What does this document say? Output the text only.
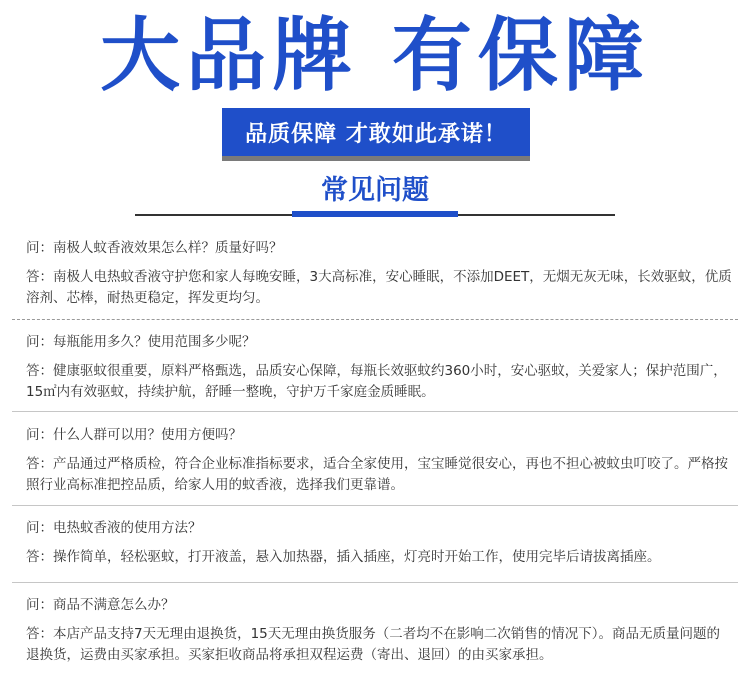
大品牌 有保障
品质保障 才敢如此承诺！
常见问题
问：南极人蚊香液效果怎么样？质量好吗？
答：南极人电热蚊香液守护您和家人每晚安睡，3大高标准，安心睡眠，不添加DEET，无烟无灰无味，长效驱蚊，优质溶剂、芯棒，耐热更稳定，挥发更均匀。
问：每瓶能用多久？使用范围多少呢？
答：健康驱蚊很重要，原料严格甄选，品质安心保障，每瓶长效驱蚊约360小时，安心驱蚊，关爱家人；保护范围广，15㎡内有效驱蚊，持续护航，舒睡一整晚，守护万千家庭金质睡眠。
问：什么人群可以用？使用方便吗？
答：产品通过严格质检，符合企业标准指标要求，适合全家使用，宝宝睡觉很安心，再也不担心被蚊虫叮咬了。严格按照行业高标准把控品质，给家人用的蚊香液，选择我们更靠谱。
问：电热蚊香液的使用方法？
答：操作简单，轻松驱蚊，打开液盖，悬入加热器，插入插座，灯亮时开始工作，使用完毕后请拔离插座。
问：商品不满意怎么办？
答：本店产品支持7天无理由退换货，15天无理由换货服务（二者均不在影响二次销售的情况下）。商品无质量问题的退换货，运费由买家承担。买家拒收商品将承担双程运费（寄出、退回）的由买家承担。
